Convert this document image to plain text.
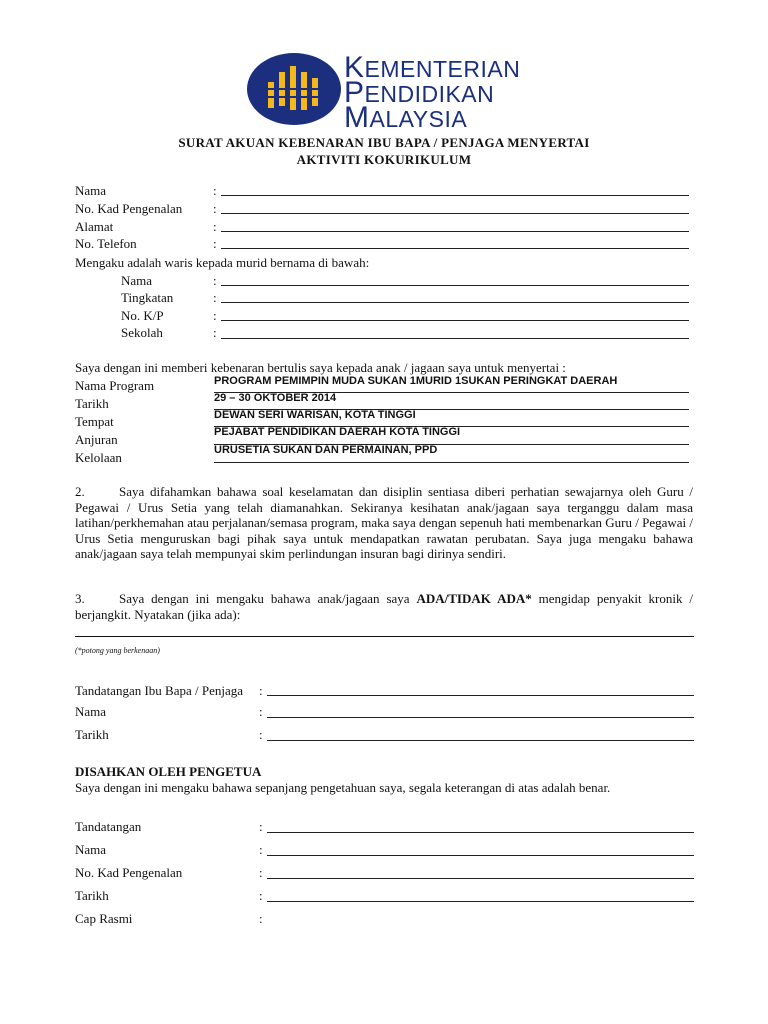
KEMENTERIAN
PENDIDIKAN
MALAYSIA
SURAT AKUAN KEBENARAN IBU BAPA / PENJAGA MENYERTAI
AKTIVITI KOKURIKULUM
Nama	:
No. Kad Pengenalan :
Alamat	:
No. Telefon	:
Mengaku adalah waris kepada murid bernama di bawah:
Nama	:
Tingkatan	:
No. K/P	:
Sekolah	:
Saya dengan ini memberi kebenaran bertulis saya kepada anak / jagaan saya untuk menyertai :
Nama Program	PROGRAM PEMIMPIN MUDA SUKAN 1MURID 1SUKAN PERINGKAT DAERAH
Tarikh	29 – 30 OKTOBER 2014
Tempat	DEWAN SERI WARISAN, KOTA TINGGI
Anjuran	PEJABAT PENDIDIKAN DAERAH KOTA TINGGI
Kelolaan	URUSETIA SUKAN DAN PERMAINAN, PPD
2.	Saya difahamkan bahawa soal keselamatan dan disiplin sentiasa diberi perhatian sewajarnya oleh Guru / Pegawai / Urus Setia yang telah diamanahkan. Sekiranya kesihatan anak/jagaan saya terganggu dalam masa latihan/perkhemahan atau perjalanan/semasa program, maka saya dengan sepenuh hati membenarkan Guru / Pegawai / Urus Setia menguruskan bagi pihak saya untuk mendapatkan rawatan perubatan. Saya juga mengaku bahawa anak/jagaan saya telah mempunyai skim perlindungan insuran bagi dirinya sendiri.
3.	Saya dengan ini mengaku bahawa anak/jagaan saya ADA/TIDAK ADA* mengidap penyakit kronik / berjangkit. Nyatakan (jika ada):
(*potong yang berkenaan)
Tandatangan Ibu Bapa / Penjaga :
Nama	:
Tarikh	:
DISAHKAN OLEH PENGETUA
Saya dengan ini mengaku bahawa sepanjang pengetahuan saya, segala keterangan di atas adalah benar.
Tandatangan	:
Nama	:
No. Kad Pengenalan	:
Tarikh	:
Cap Rasmi	:
